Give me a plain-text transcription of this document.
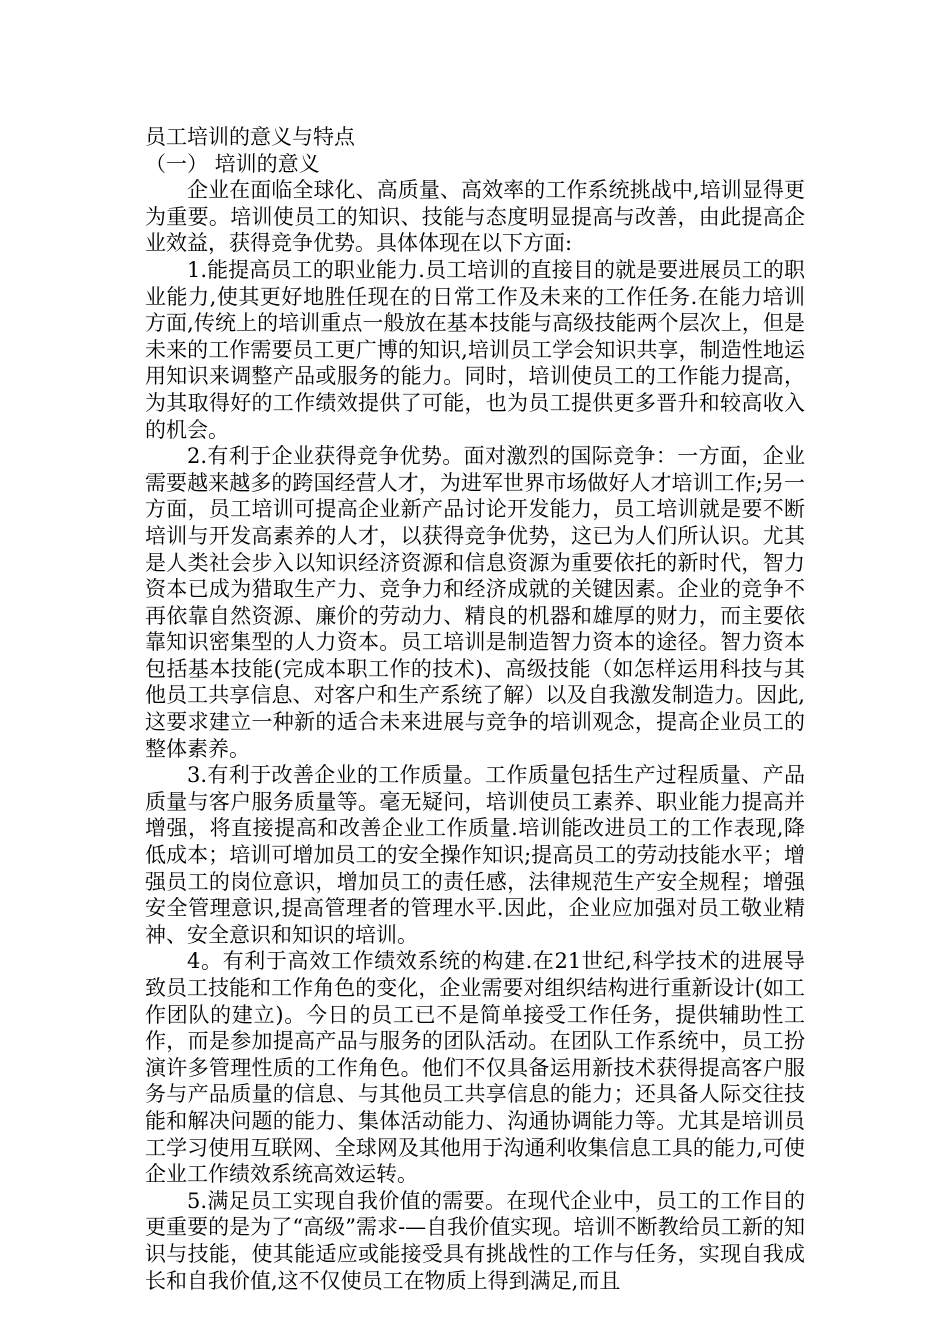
员工培训的意义与特点
（一） 培训的意义

企业在面临全球化、高质量、高效率的工作系统挑战中,培训显得更为重要。培训使员工的知识、技能与态度明显提高与改善，由此提高企业效益，获得竞争优势。具体体现在以下方面:

1.能提高员工的职业能力.员工培训的直接目的就是要进展员工的职业能力,使其更好地胜任现在的日常工作及未来的工作任务.在能力培训方面,传统上的培训重点一般放在基本技能与高级技能两个层次上，但是未来的工作需要员工更广博的知识,培训员工学会知识共享，制造性地运用知识来调整产品或服务的能力。同时，培训使员工的工作能力提高，为其取得好的工作绩效提供了可能，也为员工提供更多晋升和较高收入的机会。

2.有利于企业获得竞争优势。面对激烈的国际竞争：一方面，企业需要越来越多的跨国经营人才，为进军世界市场做好人才培训工作;另一方面，员工培训可提高企业新产品讨论开发能力，员工培训就是要不断培训与开发高素养的人才，以获得竞争优势，这已为人们所认识。尤其是人类社会步入以知识经济资源和信息资源为重要依托的新时代，智力资本已成为猎取生产力、竞争力和经济成就的关键因素。企业的竞争不再依靠自然资源、廉价的劳动力、精良的机器和雄厚的财力，而主要依靠知识密集型的人力资本。员工培训是制造智力资本的途径。智力资本包括基本技能(完成本职工作的技术)、高级技能（如怎样运用科技与其他员工共享信息、对客户和生产系统了解）以及自我激发制造力。因此,这要求建立一种新的适合未来进展与竞争的培训观念，提高企业员工的整体素养。

3.有利于改善企业的工作质量。工作质量包括生产过程质量、产品质量与客户服务质量等。毫无疑问，培训使员工素养、职业能力提高并增强，将直接提高和改善企业工作质量.培训能改进员工的工作表现,降低成本；培训可增加员工的安全操作知识;提高员工的劳动技能水平；增强员工的岗位意识，增加员工的责任感，法律规范生产安全规程；增强安全管理意识,提高管理者的管理水平.因此，企业应加强对员工敬业精神、安全意识和知识的培训。

4。有利于高效工作绩效系统的构建.在21世纪,科学技术的进展导致员工技能和工作角色的变化，企业需要对组织结构进行重新设计(如工作团队的建立)。今日的员工已不是简单接受工作任务，提供辅助性工作，而是参加提高产品与服务的团队活动。在团队工作系统中，员工扮演许多管理性质的工作角色。他们不仅具备运用新技术获得提高客户服务与产品质量的信息、与其他员工共享信息的能力；还具备人际交往技能和解决问题的能力、集体活动能力、沟通协调能力等。尤其是培训员工学习使用互联网、全球网及其他用于沟通利收集信息工具的能力,可使企业工作绩效系统高效运转。

5.满足员工实现自我价值的需要。在现代企业中，员工的工作目的更重要的是为了“高级”需求-—自我价值实现。培训不断教给员工新的知识与技能，使其能适应或能接受具有挑战性的工作与任务，实现自我成长和自我价值,这不仅使员工在物质上得到满足,而且
